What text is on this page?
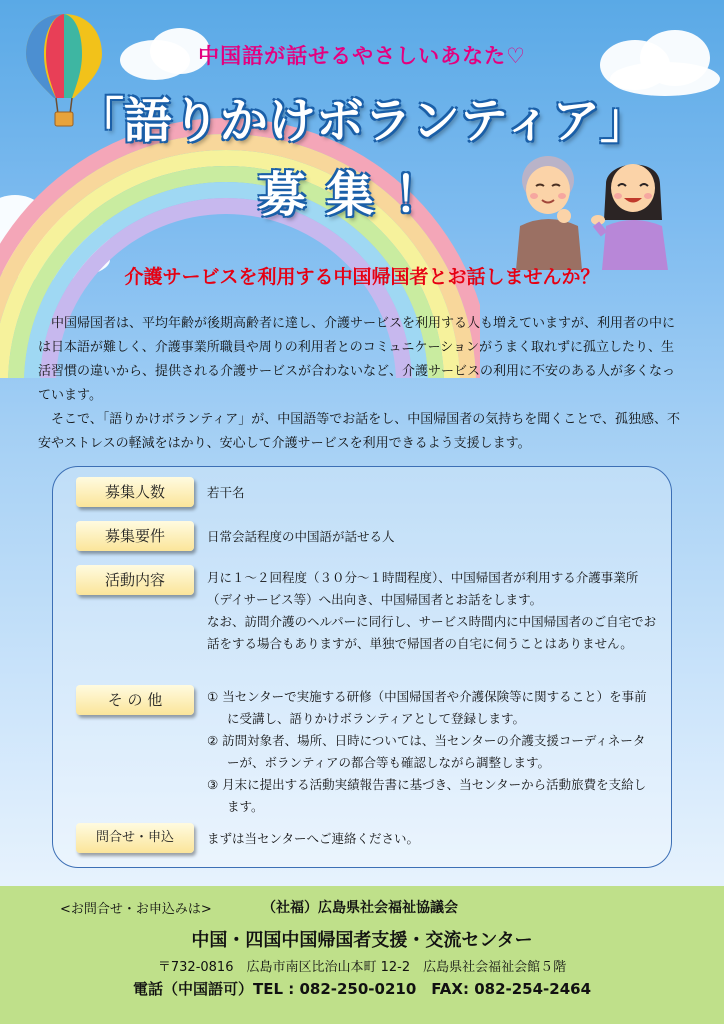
中国語が話せるやさしいあなた♡
「語りかけボランティア」
募集！
介護サービスを利用する中国帰国者とお話しませんか？

中国帰国者は、平均年齢が後期高齢者に達し、介護サービスを利用する人も増えていますが、利用者の中には日本語が難しく、介護事業所職員や周りの利用者とのコミュニケーションがうまく取れずに孤立したり、生活習慣の違いから、提供される介護サービスが合わないなど、介護サービスの利用に不安のある人が多くなっています。

そこで、「語りかけボランティア」が、中国語等でお話をし、中国帰国者の気持ちを聞くことで、孤独感、不安やストレスの軽減をはかり、安心して介護サービスを利用できるよう支援します。

募集人数	若干名
募集要件	日常会話程度の中国語が話せる人
活動内容	月に１～２回程度（３０分～１時間程度）、中国帰国者が利用する介護事業所（デイサービス等）へ出向き、中国帰国者とお話をします。
なお、訪問介護のヘルパーに同行し、サービス時間内に中国帰国者のご自宅でお話をする場合もありますが、単独で帰国者の自宅に伺うことはありません。
そ の 他	① 当センターで実施する研修（中国帰国者や介護保険等に関すること）を事前に受講し、語りかけボランティアとして登録します。
② 訪問対象者、場所、日時については、当センターの介護支援コーディネーターが、ボランティアの都合等も確認しながら調整します。
③ 月末に提出する活動実績報告書に基づき、当センターから活動旅費を支給します。
問合せ・申込	まずは当センターへご連絡ください。
<お問合せ・お申込みは>	（社福）広島県社会福祉協議会
中国・四国中国帰国者支援・交流センター
〒732-0816　広島市南区比治山本町 12-2　広島県社会福祉会館５階
電話（中国語可）TEL : 082-250-0210　FAX: 082-254-2464
